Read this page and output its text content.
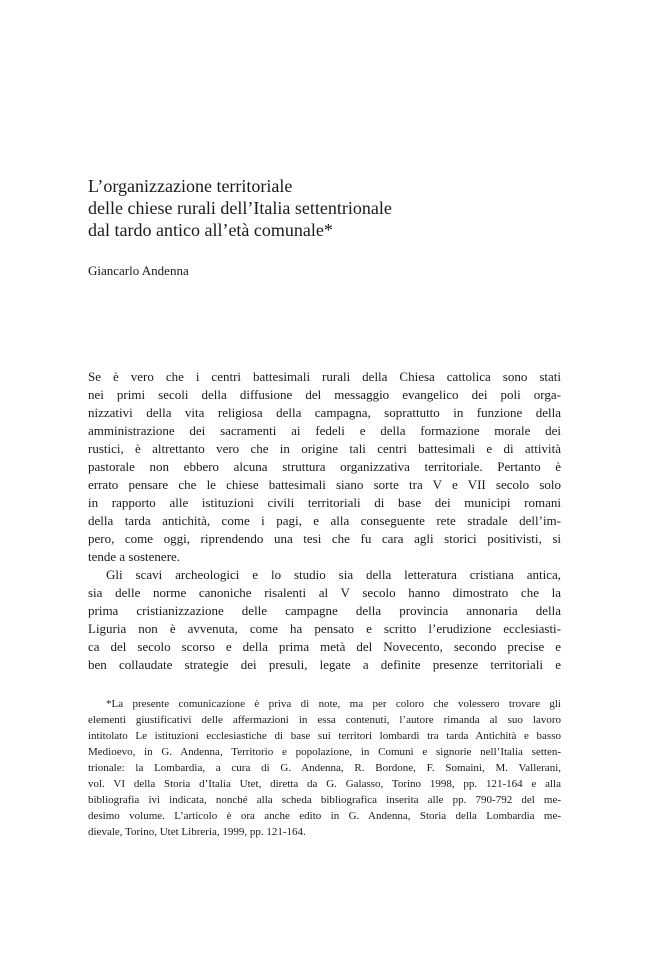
L’organizzazione territoriale
delle chiese rurali dell’Italia settentrionale
dal tardo antico all’età comunale*

Giancarlo Andenna

Se è vero che i centri battesimali rurali della Chiesa cattolica sono stati
nei primi secoli della diffusione del messaggio evangelico dei poli orga-
nizzativi della vita religiosa della campagna, soprattutto in funzione della
amministrazione dei sacramenti ai fedeli e della formazione morale dei
rustici, è altrettanto vero che in origine tali centri battesimali e di attività
pastorale non ebbero alcuna struttura organizzativa territoriale. Pertanto è
errato pensare che le chiese battesimali siano sorte tra V e VII secolo solo
in rapporto alle istituzioni civili territoriali di base dei municipi romani
della tarda antichità, come i pagi, e alla conseguente rete stradale dell’im-
pero, come oggi, riprendendo una tesi che fu cara agli storici positivisti, si
tende a sostenere.

Gli scavi archeologici e lo studio sia della letteratura cristiana antica,
sia delle norme canoniche risalenti al V secolo hanno dimostrato che la
prima cristianizzazione delle campagne della provincia annonaria della
Liguria non è avvenuta, come ha pensato e scritto l’erudizione ecclesiasti-
ca del secolo scorso e della prima metà del Novecento, secondo precise e
ben collaudate strategie dei presuli, legate a definite presenze territoriali e

*La presente comunicazione è priva di note, ma per coloro che volessero trovare gli
elementi giustificativi delle affermazioni in essa contenuti, l’autore rimanda al suo lavoro
intitolato Le istituzioni ecclesiastiche di base sui territori lombardi tra tarda Antichità e basso
Medioevo, in G. Andenna, Territorio e popolazione, in Comuni e signorie nell’Italia setten-
trionale: la Lombardia, a cura di G. Andenna, R. Bordone, F. Somaini, M. Vallerani,
vol. VI della Storia d’Italia Utet, diretta da G. Galasso, Torino 1998, pp. 121-164 e alla
bibliografia ivi indicata, nonché alla scheda bibliografica inserita alle pp. 790-792 del me-
desimo volume. L’articolo è ora anche edito in G. Andenna, Storia della Lombardia me-
dievale, Torino, Utet Libreria, 1999, pp. 121-164.
